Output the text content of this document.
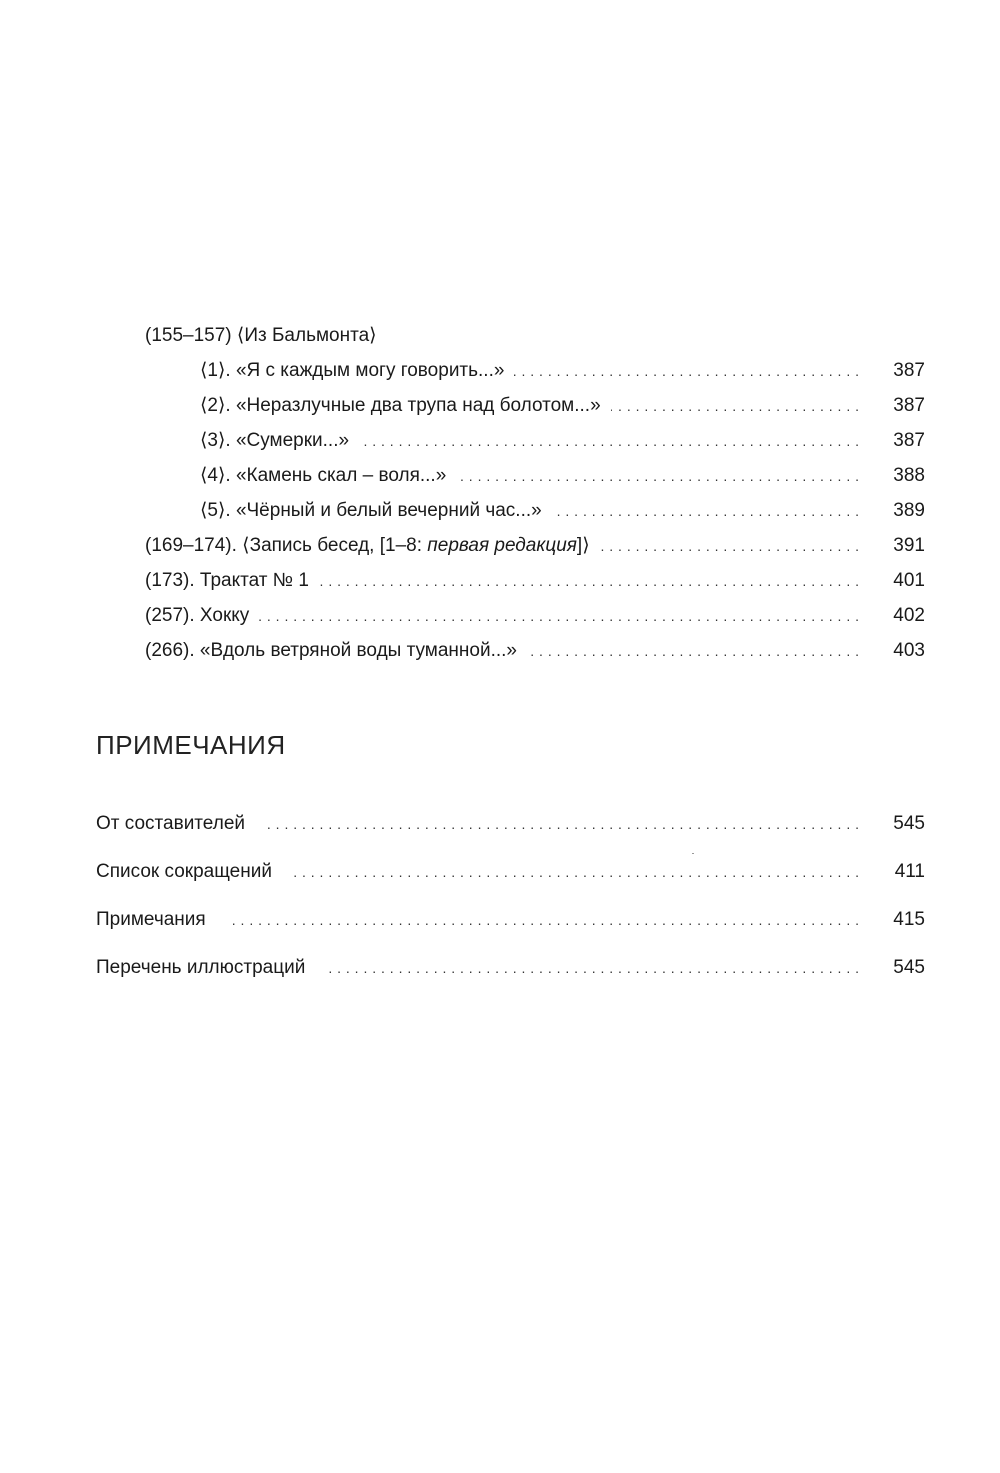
(155–157) ⟨Из Бальмонта⟩
⟨1⟩. «Я с каждым могу говорить...» . . .	387
⟨2⟩. «Неразлучные два трупа над болотом...» . . .	387
⟨3⟩. «Сумерки...» . . .	387
⟨4⟩. «Камень скал – воля...» . . .	388
⟨5⟩. «Чёрный и белый вечерний час...» . . .	389
(169–174). ⟨Запись бесед, [1–8: первая редакция]⟩ . . .	391
(173). Трактат № 1 . . .	401
(257). Хокку . . .	402
(266). «Вдоль ветряной воды туманной...» . . .	403
ПРИМЕЧАНИЯ
От составителей . . .	545
Список сокращений . . .	411
Примечания . . .	415
Перечень иллюстраций . . .	545
